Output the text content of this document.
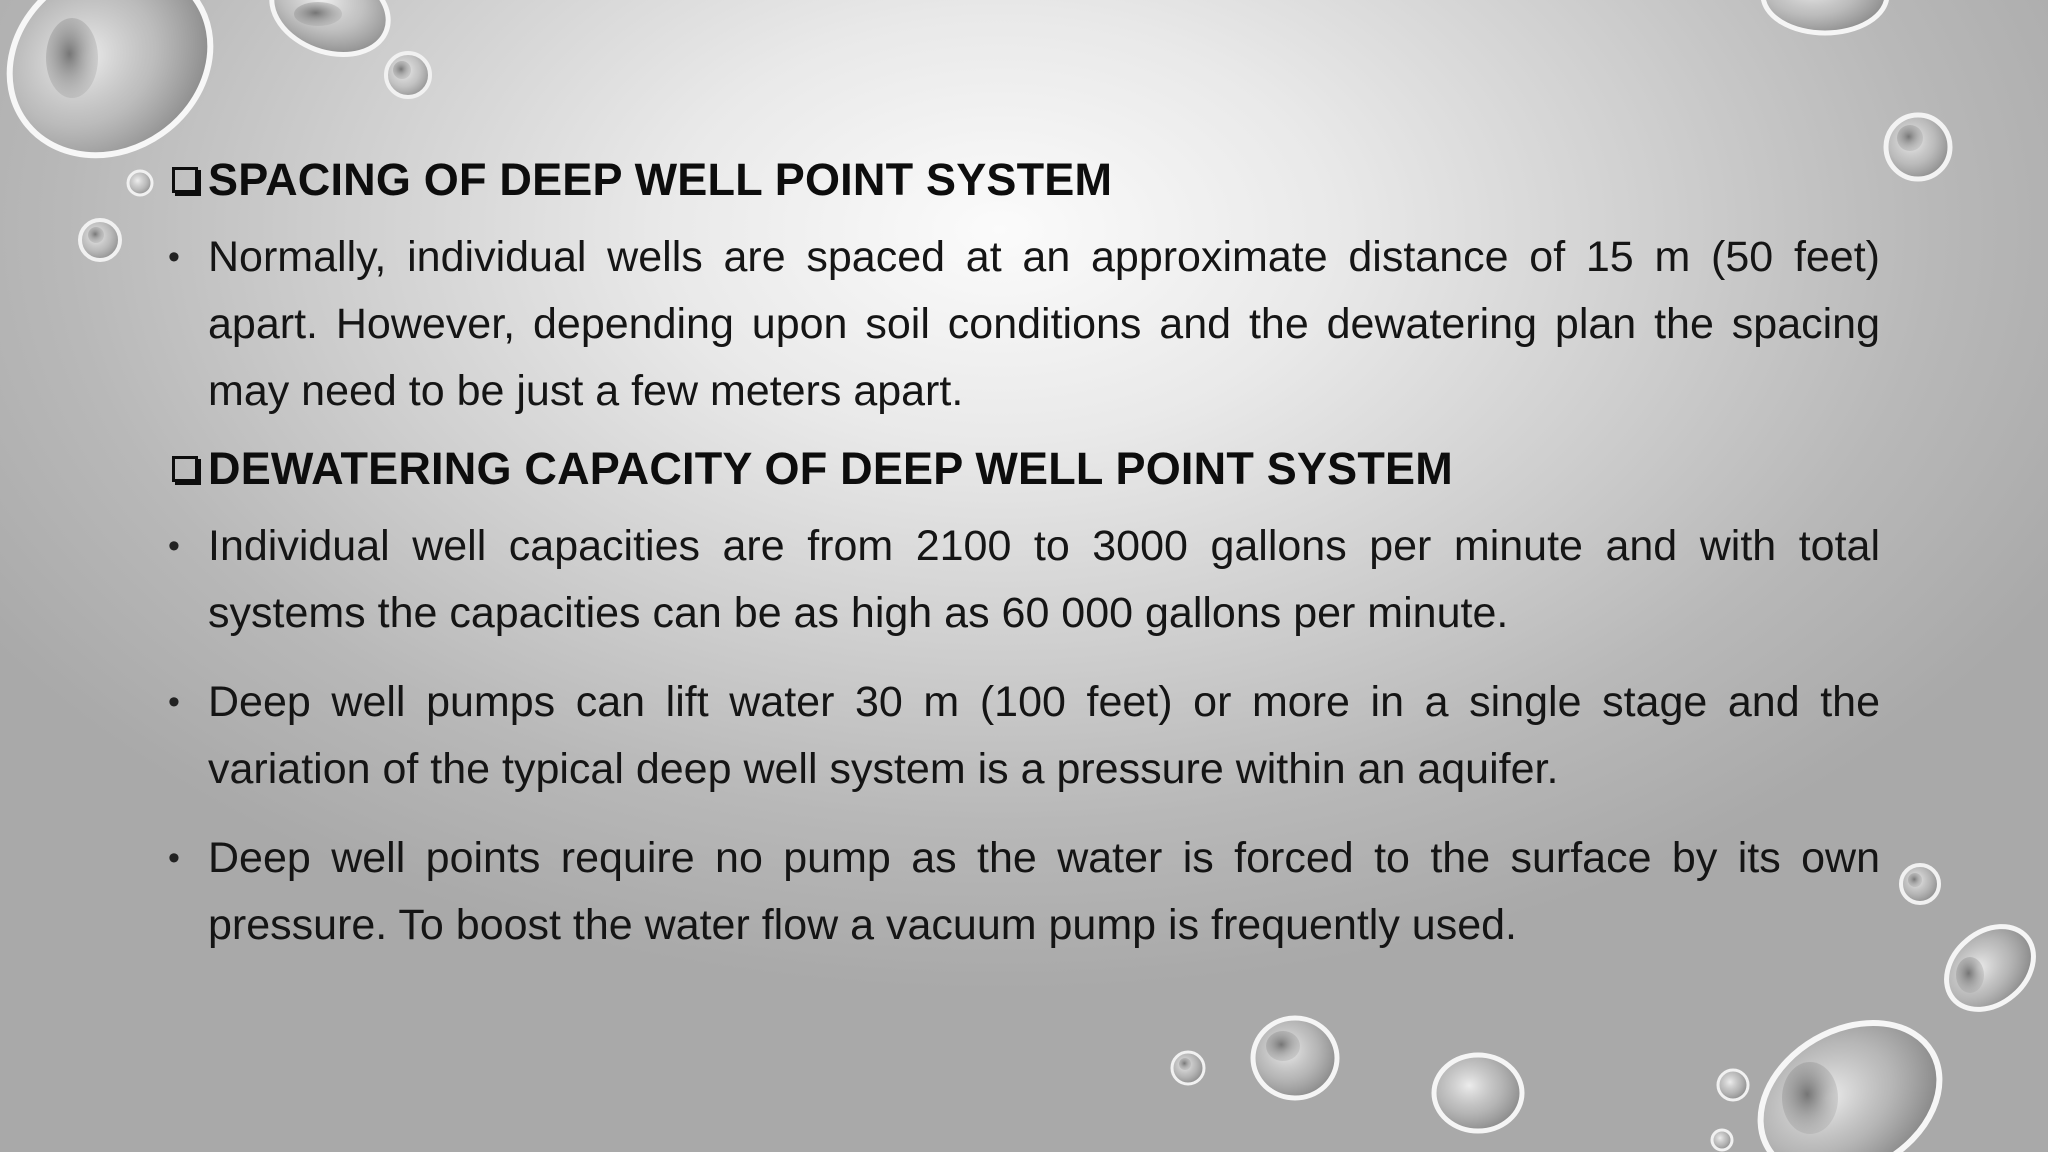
SPACING OF DEEP WELL POINT SYSTEM
• Normally, individual wells are spaced at an approximate distance of 15 m (50 feet) apart. However, depending upon soil conditions and the dewatering plan the spacing may need to be just a few meters apart.
DEWATERING CAPACITY OF DEEP WELL POINT SYSTEM
• Individual well capacities are from 2100 to 3000 gallons per minute and with total systems the capacities can be as high as 60 000 gallons per minute.
• Deep well pumps can lift water 30 m (100 feet) or more in a single stage and the variation of the typical deep well system is a pressure within an aquifer.
• Deep well points require no pump as the water is forced to the surface by its own pressure. To boost the water flow a vacuum pump is frequently used.
